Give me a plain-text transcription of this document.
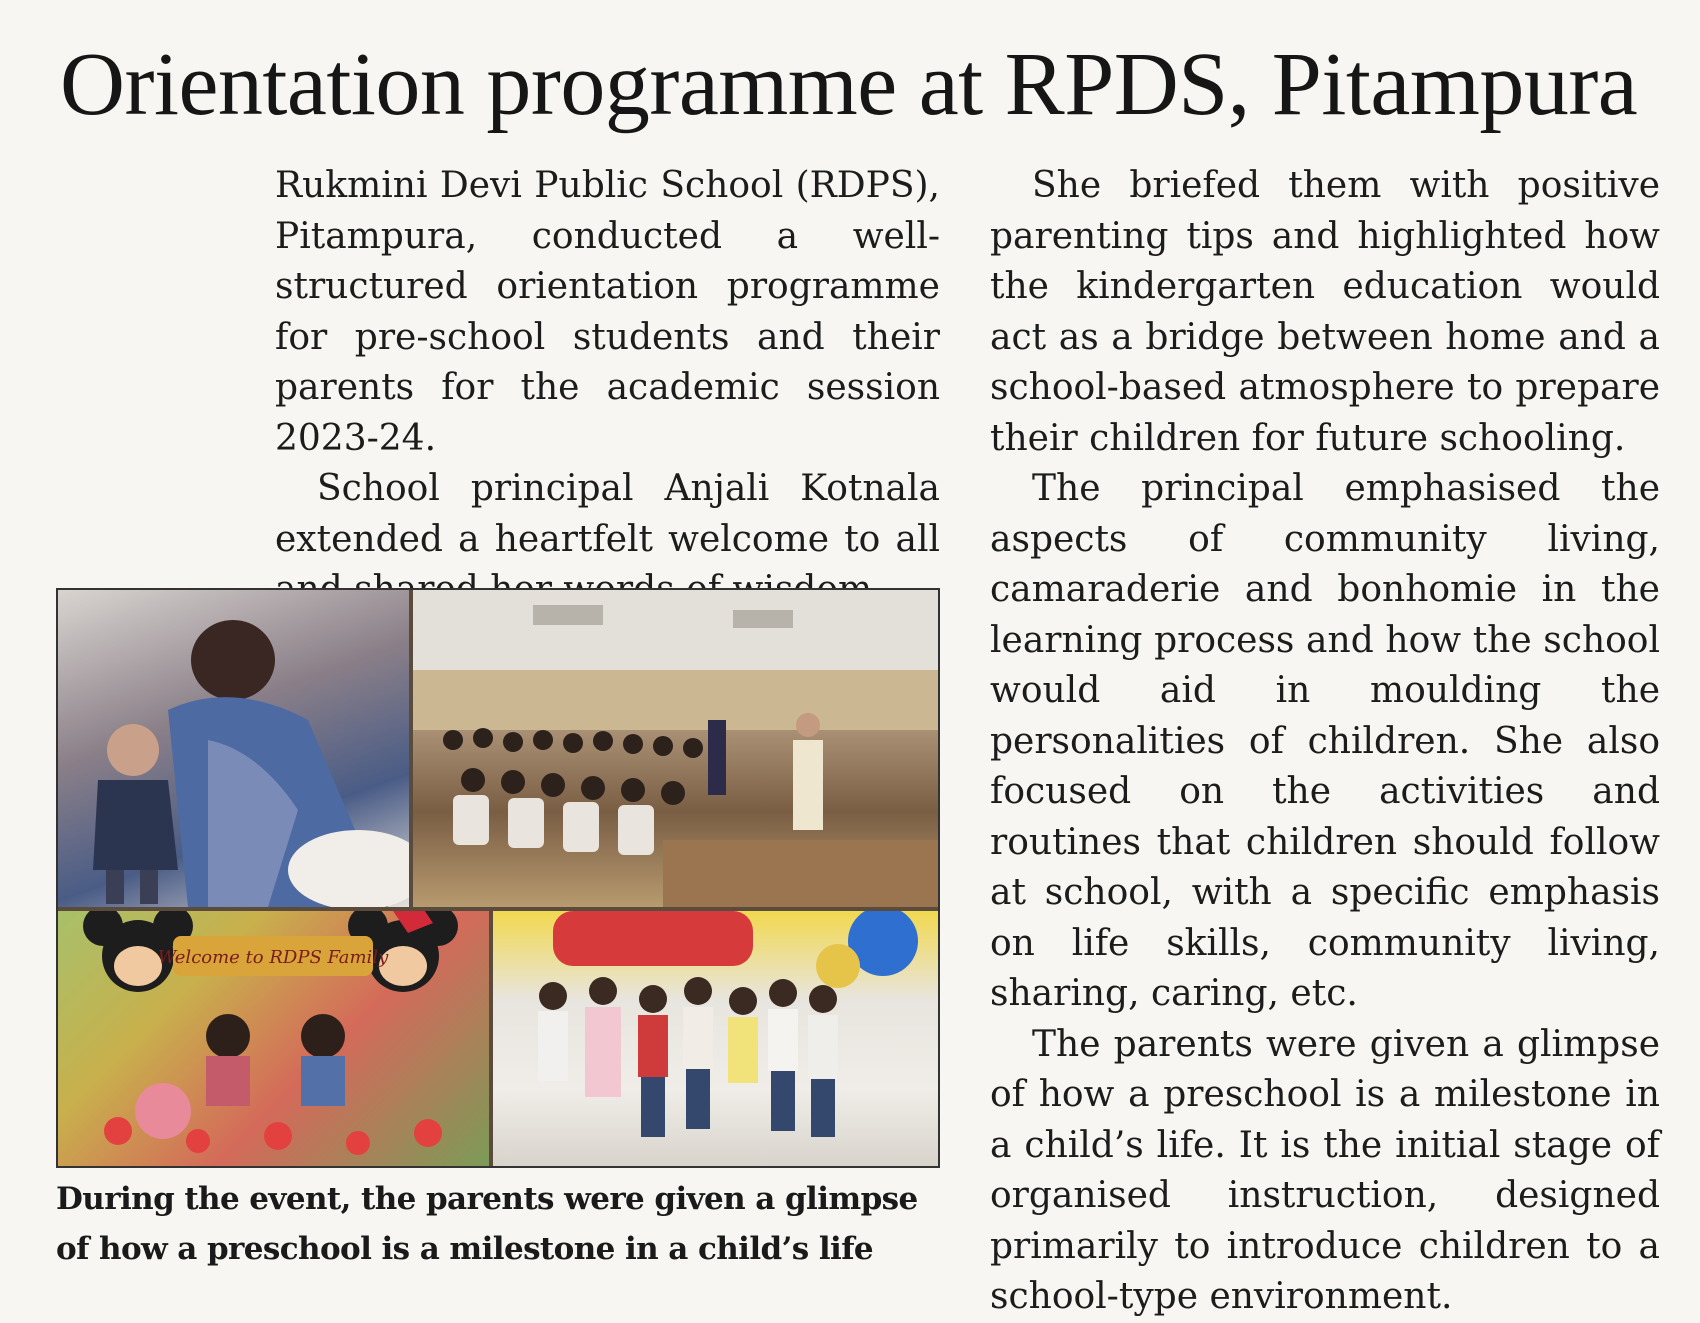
Orientation programme at RPDS, Pitampura

Rukmini Devi Public School (RDPS), Pitampura, conducted a well-structured orientation programme for pre-school students and their parents for the academic session 2023-24.

School principal Anjali Kotnala extended a heartfelt welcome to all

Welcome to RDPS Family

During the event, the parents were given a glimpse of how a preschool is a milestone in a child’s life

She briefed them with positive parenting tips and highlighted how the kindergarten education would act as a bridge between home and a school-based atmosphere to prepare their children for future schooling.

The principal emphasised the aspects of community living, camaraderie and bonhomie in the learning process and how the school would aid in moulding the personalities of children. She also focused on the activities and routines that children should follow at school, with a specific emphasis on life skills, community living, sharing, caring, etc.

The parents were given a glimpse of how a preschool is a milestone in a child’s life. It is the initial stage of organised instruction, designed primarily to introduce children to a school-type environment.
